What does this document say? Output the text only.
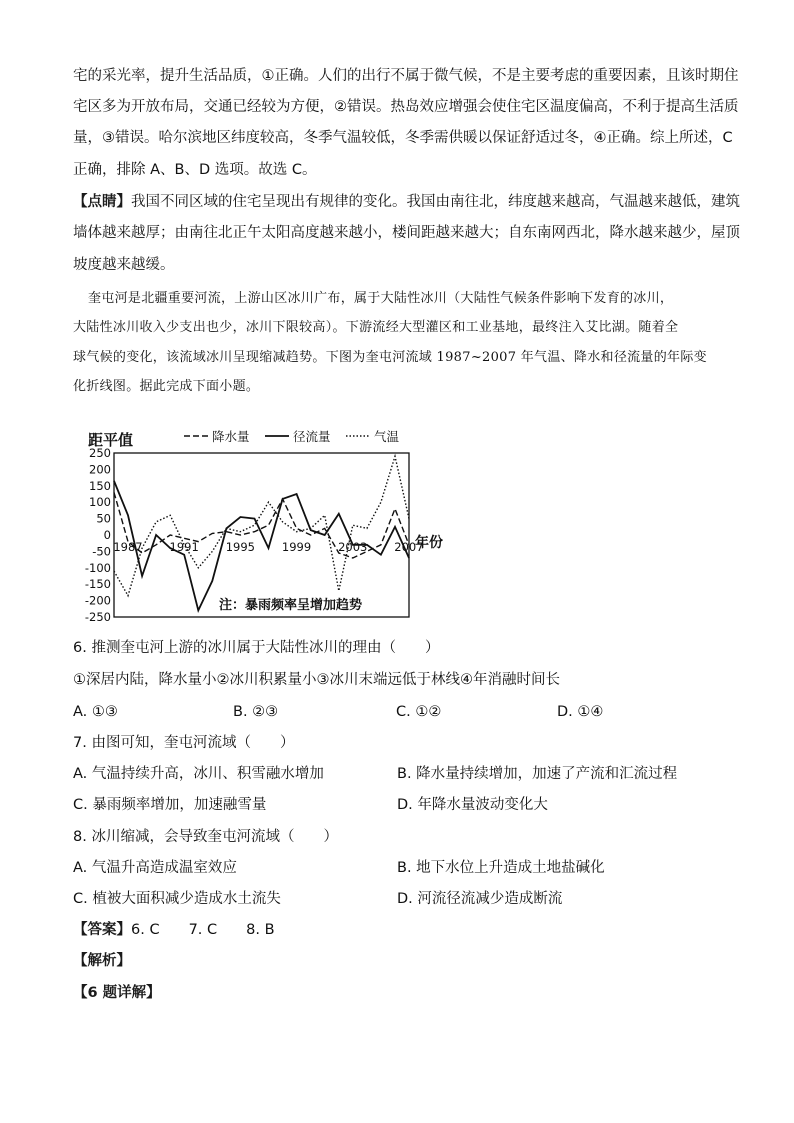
宅的采光率，提升生活品质，①正确。人们的出行不属于微气候，不是主要考虑的重要因素，且该时期住
宅区多为开放布局，交通已经较为方便，②错误。热岛效应增强会使住宅区温度偏高，不利于提高生活质
量，③错误。哈尔滨地区纬度较高，冬季气温较低，冬季需供暖以保证舒适过冬，④正确。综上所述，C
正确，排除 A、B、D 选项。故选 C。
【点睛】我国不同区域的住宅呈现出有规律的变化。我国由南往北，纬度越来越高，气温越来越低，建筑
墙体越来越厚；由南往北正午太阳高度越来越小，楼间距越来越大；自东南网西北，降水越来越少，屋顶
坡度越来越缓。
奎屯河是北疆重要河流，上游山区冰川广布，属于大陆性冰川（大陆性气候条件影响下发育的冰川，
大陆性冰川收入少支出也少，冰川下限较高）。下游流经大型灌区和工业基地，最终注入艾比湖。随着全
球气候的变化，该流域冰川呈现缩减趋势。下图为奎屯河流域 1987~2007 年气温、降水和径流量的年际变
化折线图。据此完成下面小题。
降水量	径流量	气温
距平值
250
200
150
100
50
0
-50
-100
-150
-200
-250
1987 1991 1995 1999 2003 2007
年份
注：暴雨频率呈增加趋势
6. 推测奎屯河上游的冰川属于大陆性冰川的理由（　　）
①深居内陆，降水量小②冰川积累量小③冰川末端远低于林线④年消融时间长
A. ①③	B. ②③	C. ①②	D. ①④
7. 由图可知，奎屯河流域（　　）
A. 气温持续升高，冰川、积雪融水增加	B. 降水量持续增加，加速了产流和汇流过程
C. 暴雨频率增加，加速融雪量	D. 年降水量波动变化大
8. 冰川缩减，会导致奎屯河流域（　　）
A. 气温升高造成温室效应	B. 地下水位上升造成土地盐碱化
C. 植被大面积减少造成水土流失	D. 河流径流减少造成断流
【答案】6. C　　7. C　　8. B
【解析】
【6 题详解】
